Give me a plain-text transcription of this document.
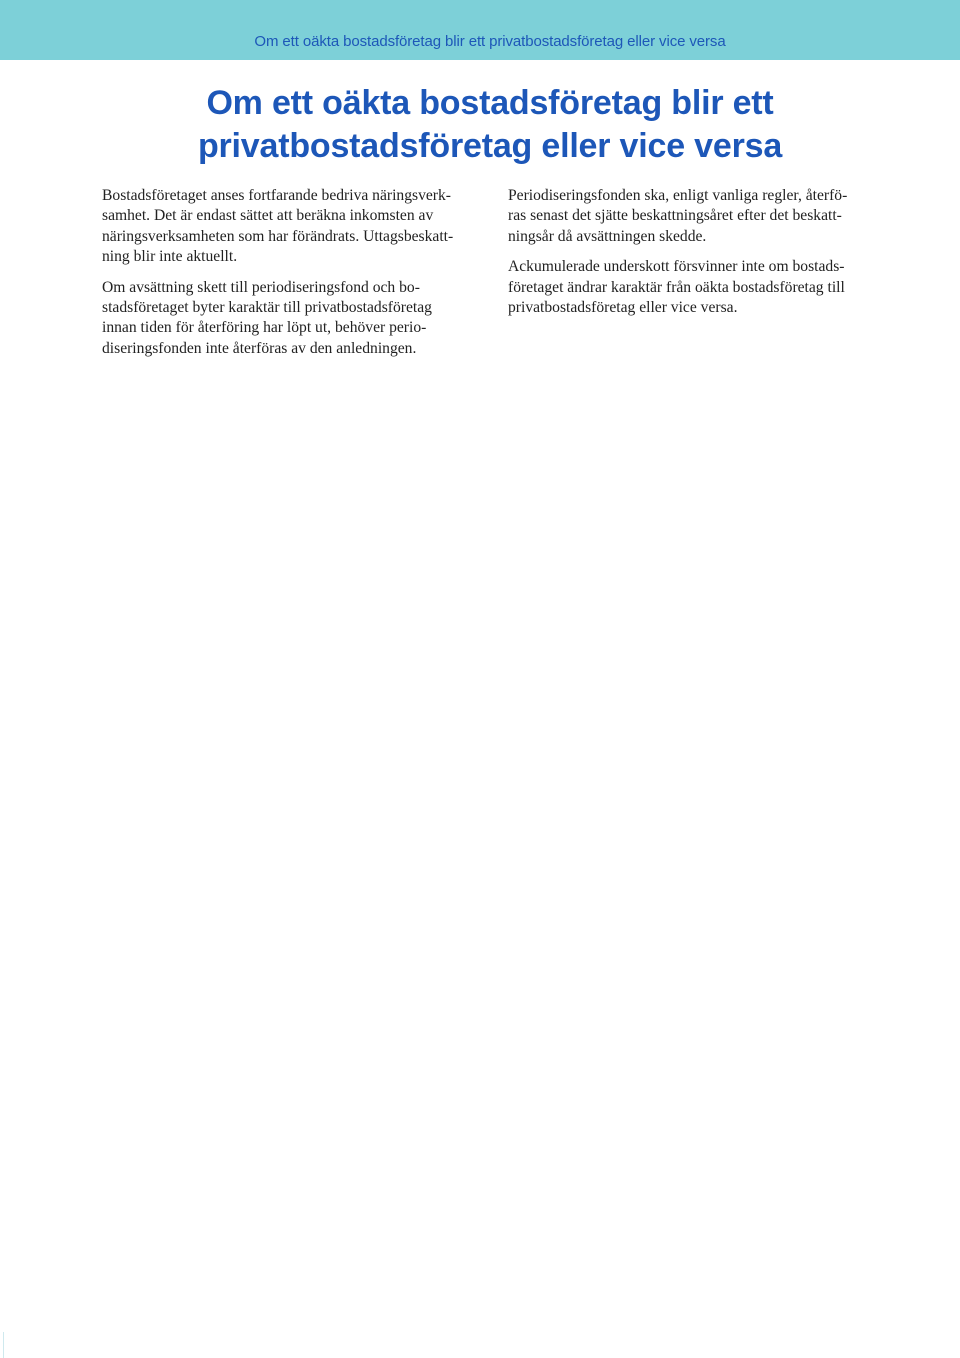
Om ett oäkta bostadsföretag blir ett privatbostadsföretag eller vice versa
Om ett oäkta bostadsföretag blir ett
privatbostadsföretag eller vice versa

Bostadsföretaget anses fortfarande bedriva näringsverk-
samhet. Det är endast sättet att beräkna inkomsten av
näringsverksamheten som har förändrats. Uttagsbeskatt-
ning blir inte aktuellt.

Om avsättning skett till periodiseringsfond och bo-
stadsföretaget byter karaktär till privatbostadsföretag
innan tiden för återföring har löpt ut, behöver perio-
diseringsfonden inte återföras av den anledningen.

Periodiseringsfonden ska, enligt vanliga regler, återfö-
ras senast det sjätte beskattningsåret efter det beskatt-
ningsår då avsättningen skedde.

Ackumulerade underskott försvinner inte om bostads-
företaget ändrar karaktär från oäkta bostadsföretag till
privatbostadsföretag eller vice versa.
